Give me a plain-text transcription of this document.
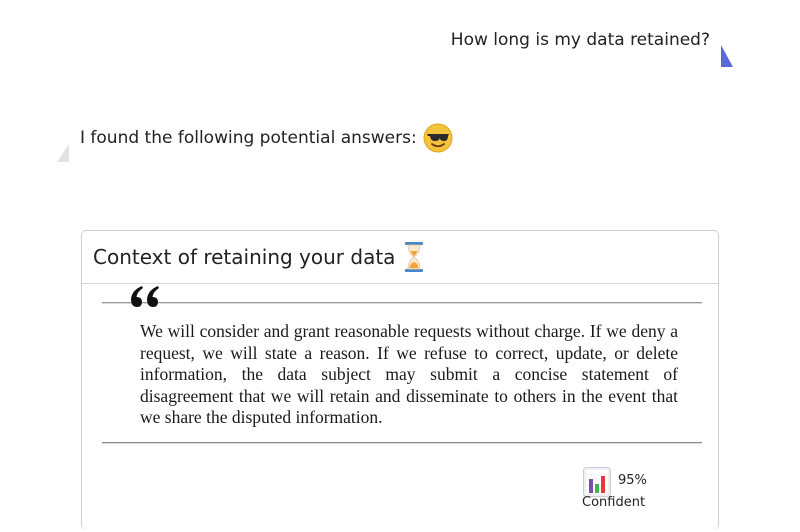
How long is my data retained?
I found the following potential answers:
Context of retaining your data
We will consider and grant reasonable requests without charge. If we deny a request, we will state a reason. If we refuse to correct, update, or delete information, the data subject may submit a concise statement of disagreement that we will retain and disseminate to others in the event that we share the disputed information.
95%
Confident
